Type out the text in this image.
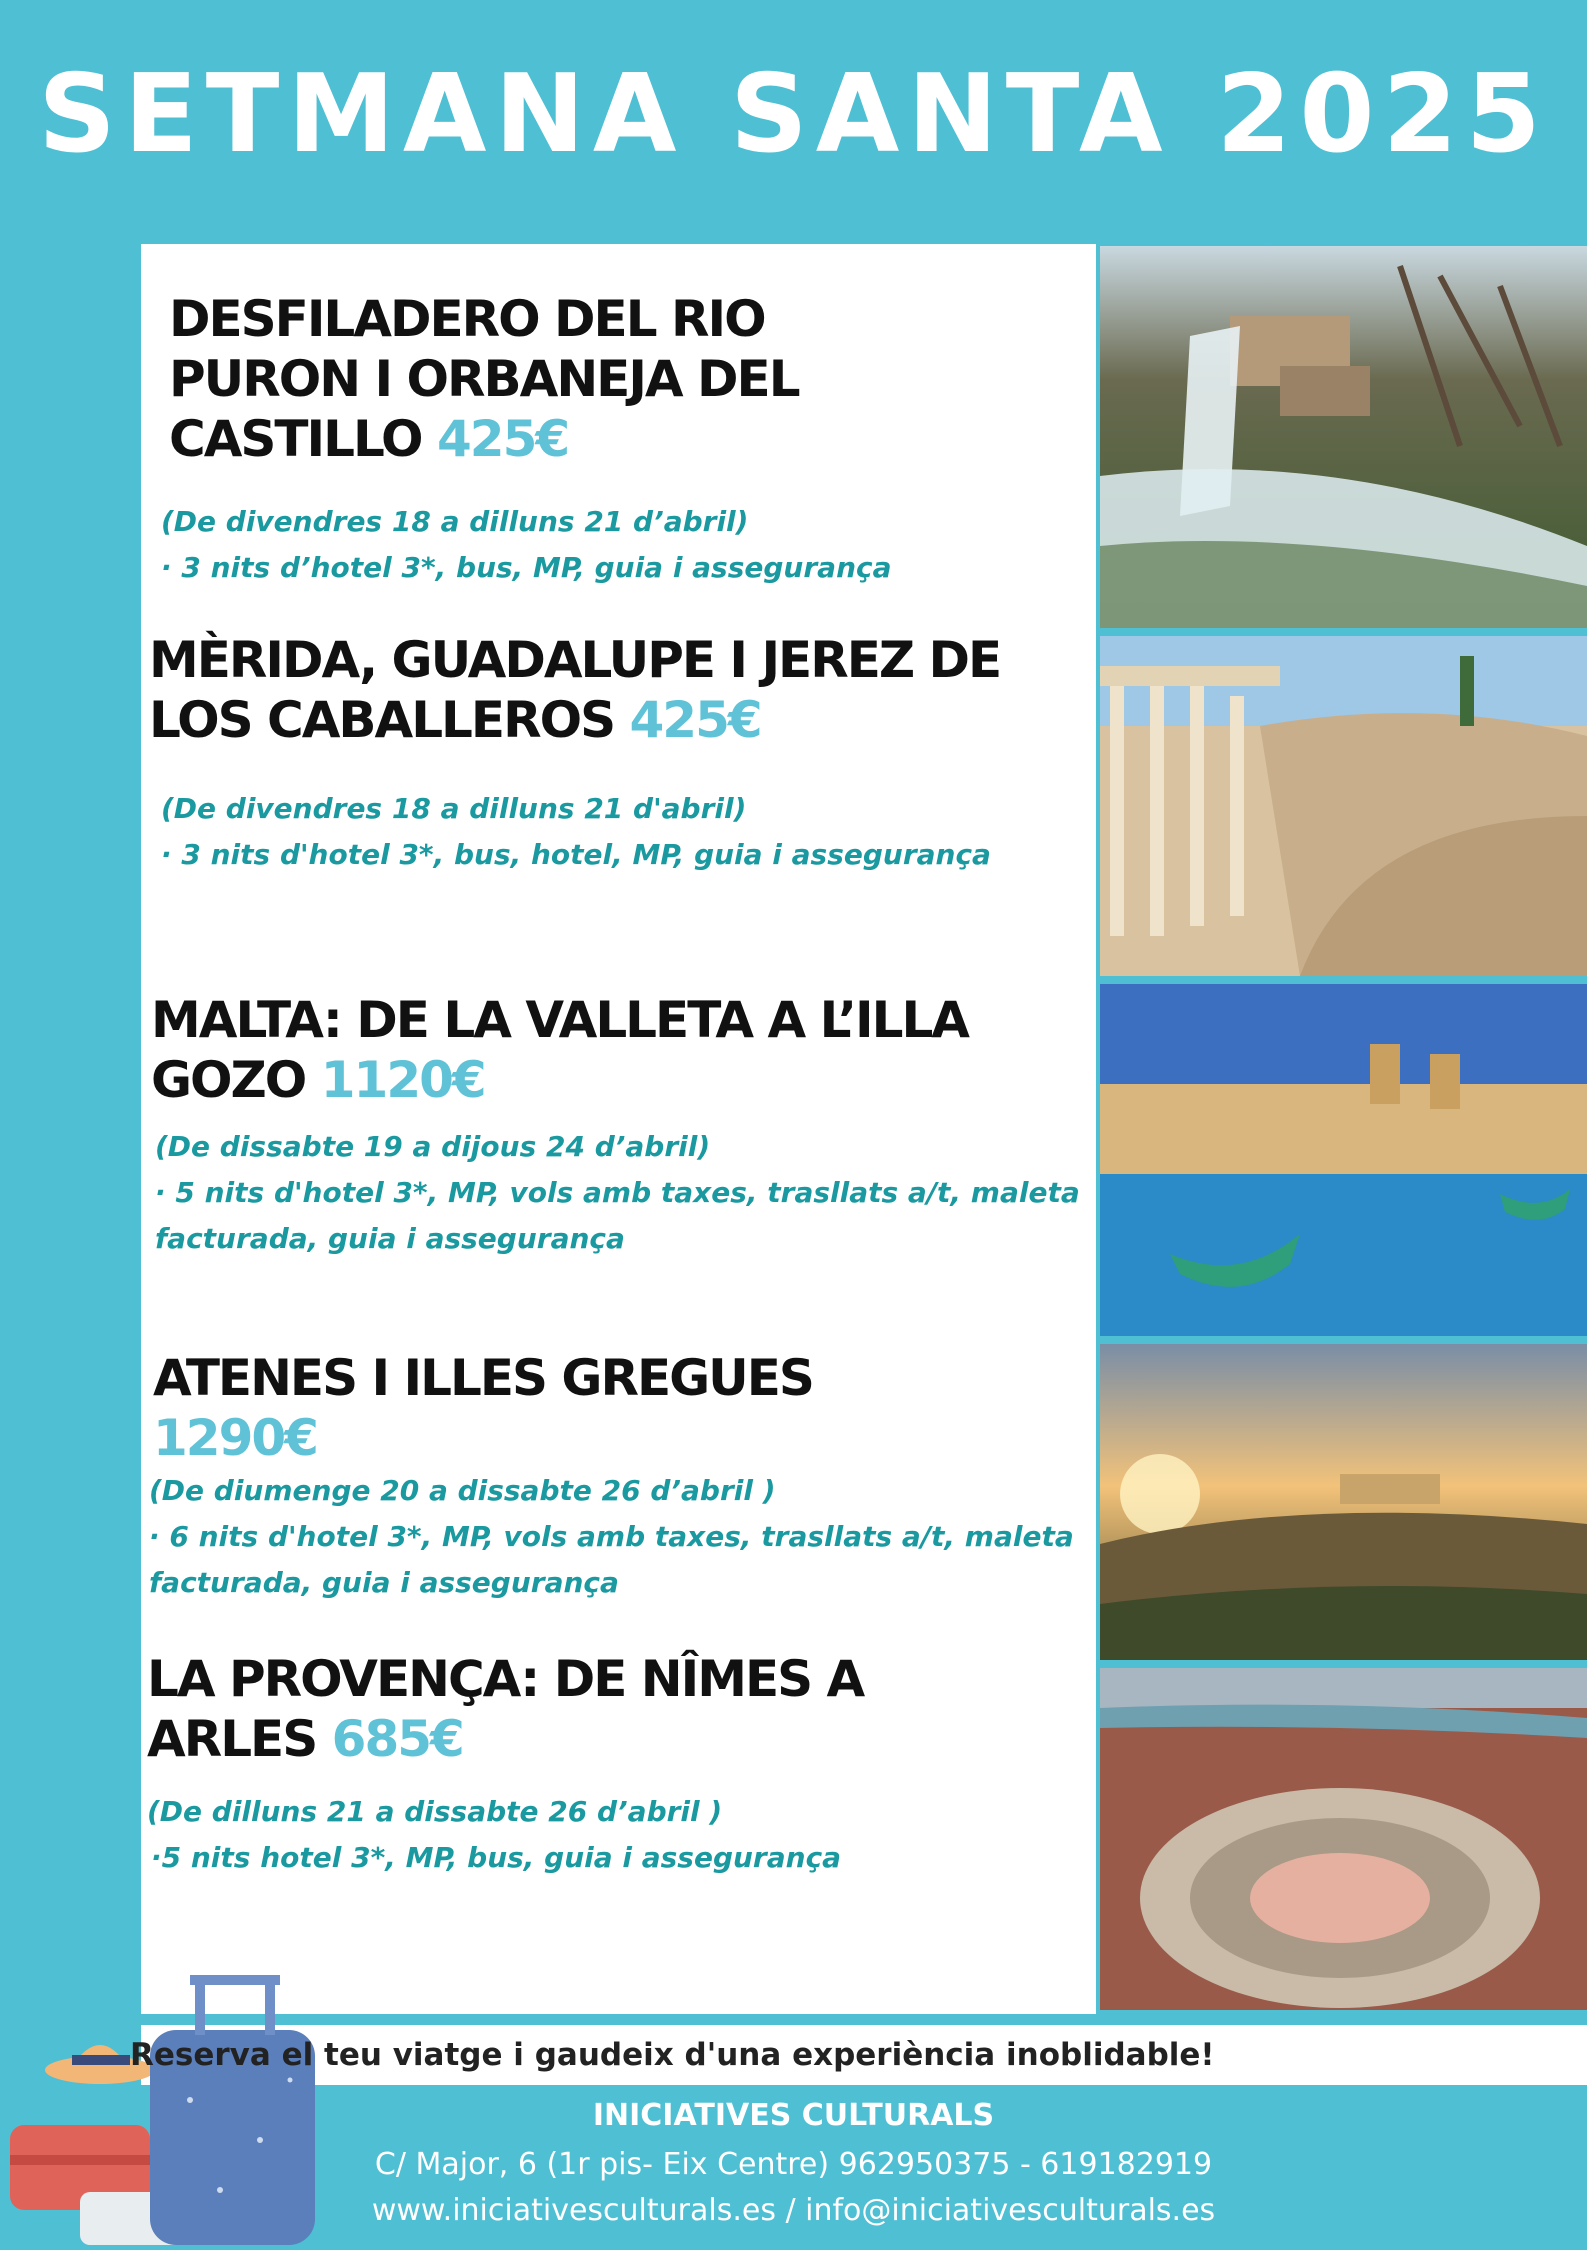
SETMANA SANTA 2025

DESFILADERO DEL RIO PURON I ORBANEJA DEL CASTILLO 425€

(De divendres 18 a dilluns 21 d’abril)

· 3 nits d’hotel 3*, bus, MP, guia i assegurança

MÈRIDA, GUADALUPE I JEREZ DE LOS CABALLEROS 425€

(De divendres 18 a dilluns 21 d'abril)

· 3 nits d'hotel 3*, bus, hotel, MP, guia i assegurança

MALTA: DE LA VALLETA A L’ILLA GOZO 1120€

(De dissabte 19 a dijous 24 d’abril)

· 5 nits d'hotel 3*, MP, vols amb taxes, trasllats a/t, maleta facturada, guia i assegurança

ATENES I ILLES GREGUES 1290€

(De diumenge 20 a dissabte 26 d’abril )

· 6 nits d'hotel 3*, MP, vols amb taxes, trasllats a/t, maleta facturada, guia i assegurança

LA PROVENÇA: DE NÎMES A ARLES 685€

(De dilluns 21 a dissabte 26 d’abril )

·5 nits hotel 3*, MP, bus, guia i assegurança

Reserva el teu viatge i gaudeix d'una experiència inoblidable!

INICIATIVES CULTURALS

C/ Major, 6 (1r pis- Eix Centre) 962950375 - 619182919

www.iniciativesculturals.es / info@iniciativesculturals.es
